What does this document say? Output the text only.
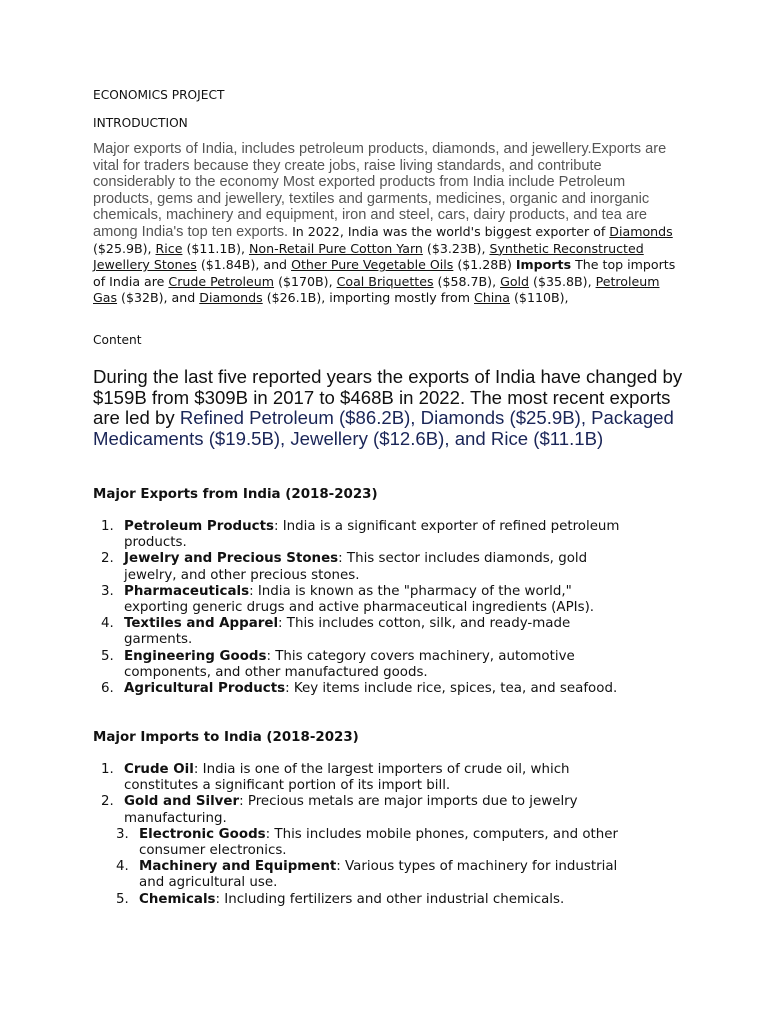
ECONOMICS PROJECT
INTRODUCTION
Major exports of India, includes petroleum products, diamonds, and jewellery.Exports are vital for traders because they create jobs, raise living standards, and contribute considerably to the economy Most exported products from India include Petroleum products, gems and jewellery, textiles and garments, medicines, organic and inorganic chemicals, machinery and equipment, iron and steel, cars, dairy products, and tea are among India's top ten exports. In 2022, India was the world's biggest exporter of Diamonds ($25.9B), Rice ($11.1B), Non-Retail Pure Cotton Yarn ($3.23B), Synthetic Reconstructed Jewellery Stones ($1.84B), and Other Pure Vegetable Oils ($1.28B) Imports The top imports of India are Crude Petroleum ($170B), Coal Briquettes ($58.7B), Gold ($35.8B), Petroleum Gas ($32B), and Diamonds ($26.1B), importing mostly from China ($110B),
Content
During the last five reported years the exports of India have changed by $159B from $309B in 2017 to $468B in 2022. The most recent exports are led by Refined Petroleum ($86.2B), Diamonds ($25.9B), Packaged Medicaments ($19.5B), Jewellery ($12.6B), and Rice ($11.1B)
Major Exports from India (2018-2023)
1. Petroleum Products: India is a significant exporter of refined petroleum products.
2. Jewelry and Precious Stones: This sector includes diamonds, gold jewelry, and other precious stones.
3. Pharmaceuticals: India is known as the "pharmacy of the world," exporting generic drugs and active pharmaceutical ingredients (APIs).
4. Textiles and Apparel: This includes cotton, silk, and ready-made garments.
5. Engineering Goods: This category covers machinery, automotive components, and other manufactured goods.
6. Agricultural Products: Key items include rice, spices, tea, and seafood.
Major Imports to India (2018-2023)
1. Crude Oil: India is one of the largest importers of crude oil, which constitutes a significant portion of its import bill.
2. Gold and Silver: Precious metals are major imports due to jewelry manufacturing.
3. Electronic Goods: This includes mobile phones, computers, and other consumer electronics.
4. Machinery and Equipment: Various types of machinery for industrial and agricultural use.
5. Chemicals: Including fertilizers and other industrial chemicals.
